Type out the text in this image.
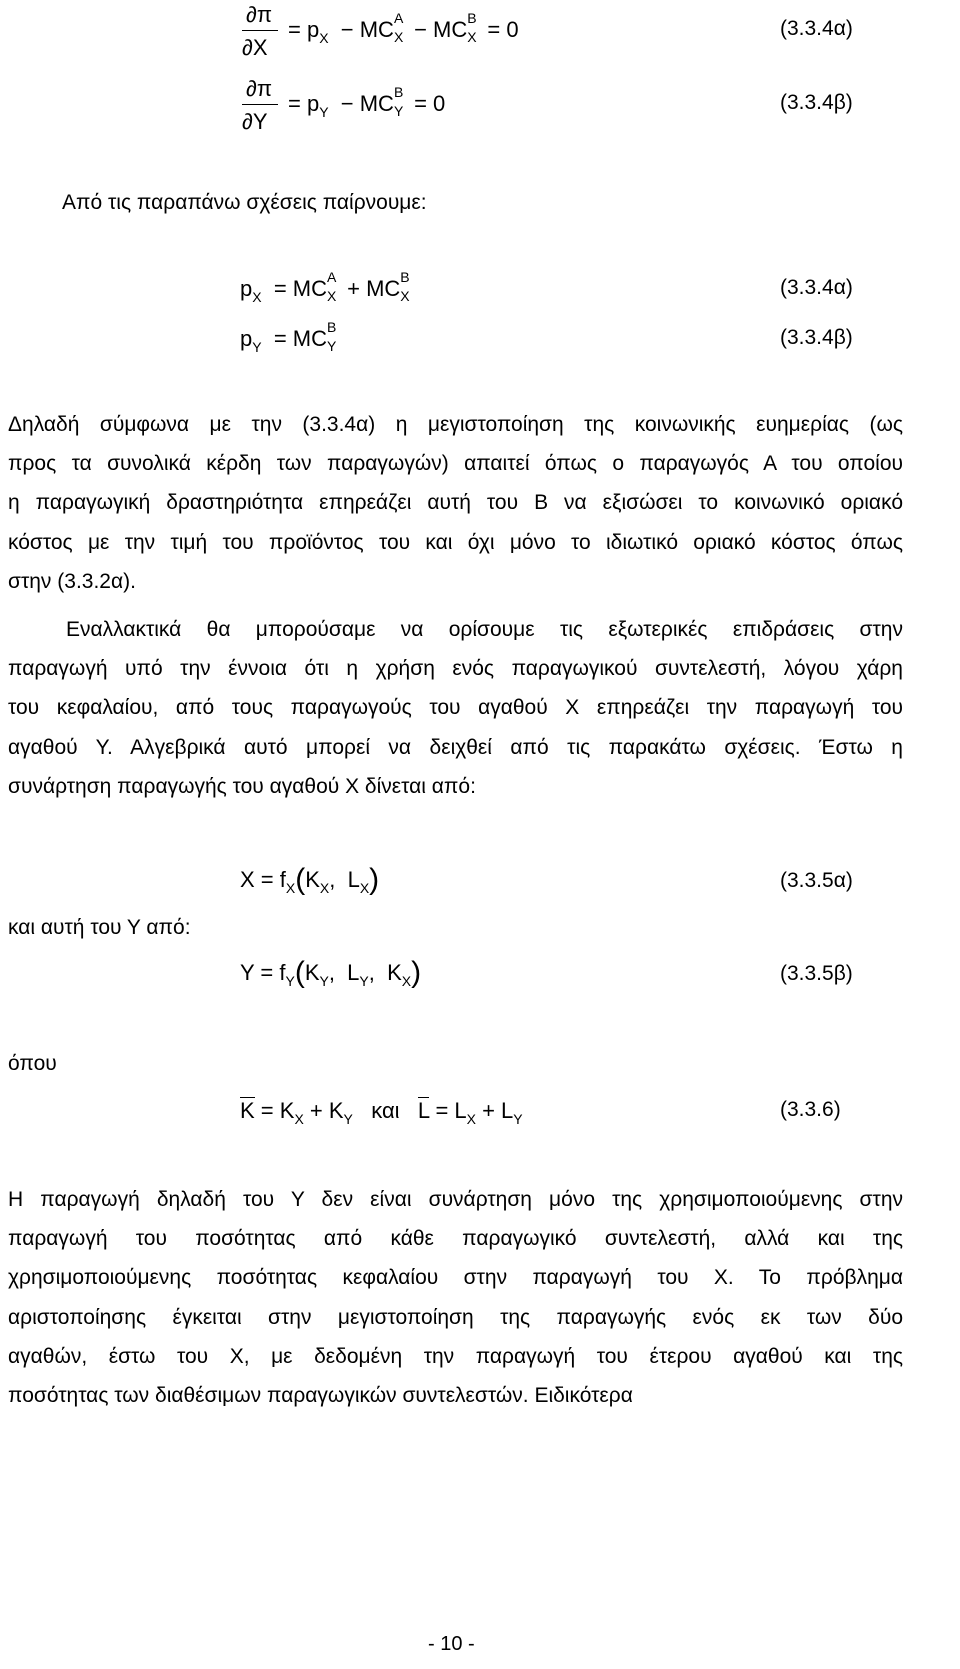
∂π
∂X
= $p_X$  − MC A
X − MC B
X = 0	(3.3.4α)
∂π
∂Y
= $p_Y$  − MC B
Y = 0	(3.3.4β)
Από τις παραπάνω σχέσεις παίρνουμε:
$p_X$  = MC A
X + MC B
X	(3.3.4α)
$p_Y$  = MC B
Y	(3.3.4β)
Δηλαδή σύμφωνα με την (3.3.4α) η μεγιστοποίηση της κοινωνικής ευημερίας (ως
προς τα συνολικά κέρδη των παραγωγών) απαιτεί όπως ο παραγωγός Α του οποίου
η παραγωγική δραστηριότητα επηρεάζει αυτή του Β να εξισώσει το κοινωνικό οριακό
κόστος με την τιμή του προϊόντος του και όχι μόνο το ιδιωτικό οριακό κόστος όπως
στην (3.3.2α).
Εναλλακτικά θα μπορούσαμε να ορίσουμε τις εξωτερικές επιδράσεις στην
παραγωγή υπό την έννοια ότι η χρήση ενός παραγωγικού συντελεστή, λόγου χάρη
του κεφαλαίου, από τους παραγωγούς του αγαθού Χ επηρεάζει την παραγωγή του
αγαθού Υ. Αλγεβρικά αυτό μπορεί να δειχθεί από τις παρακάτω σχέσεις. Έστω η
συνάρτηση παραγωγής του αγαθού Χ δίνεται από:
$X = f_X(K_X$,  $L_X$)	(3.3.5α)
και αυτή του Υ από:
$Y = f_Y(K_Y$,  $L_Y$,  $K_X$)	(3.3.5β)
όπου
$K = K_X + K_Y$ και $L = L_X + L_Y$	(3.3.6)
Η παραγωγή δηλαδή του Υ δεν είναι συνάρτηση μόνο της χρησιμοποιούμενης στην
παραγωγή του ποσότητας από κάθε παραγωγικό συντελεστή, αλλά και της
χρησιμοποιούμενης ποσότητας κεφαλαίου στην παραγωγή του Χ. Το πρόβλημα
αριστοποίησης έγκειται στην μεγιστοποίηση της παραγωγής ενός εκ των δύο
αγαθών, έστω του Χ, με δεδομένη την παραγωγή του έτερου αγαθού και της
ποσότητας των διαθέσιμων παραγωγικών συντελεστών. Ειδικότερα
- 10 -
